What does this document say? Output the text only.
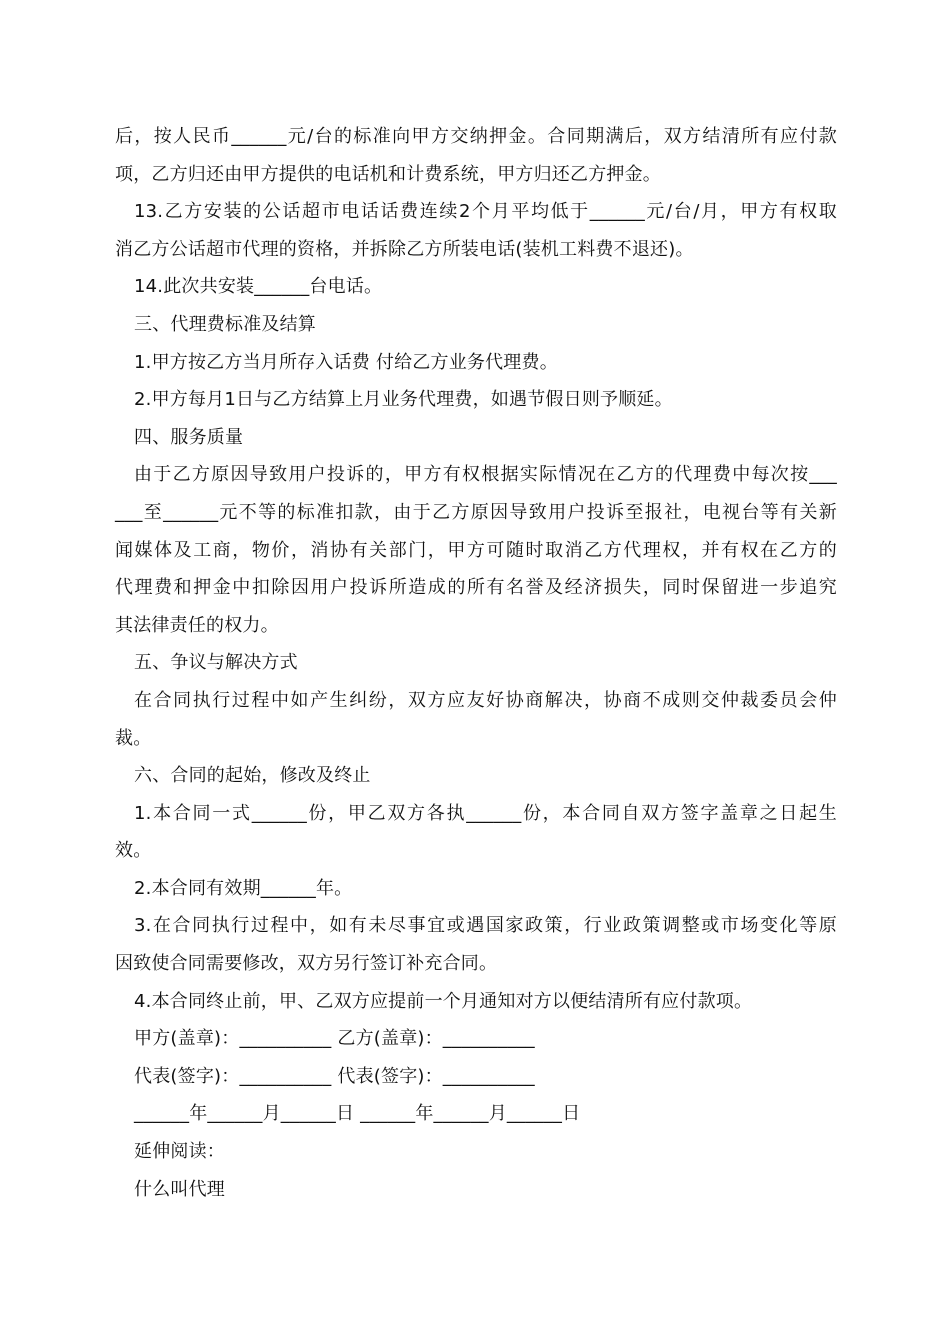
后，按人民币______元/台的标准向甲方交纳押金。合同期满后，双方结清所有应付款
项，乙方归还由甲方提供的电话机和计费系统，甲方归还乙方押金。
13.乙方安装的公话超市电话话费连续2个月平均低于______元/台/月，甲方有权取
消乙方公话超市代理的资格，并拆除乙方所装电话(装机工料费不退还)。
14.此次共安装______台电话。
三、代理费标准及结算
1.甲方按乙方当月所存入话费 付给乙方业务代理费。
2.甲方每月1日与乙方结算上月业务代理费，如遇节假日则予顺延。
四、服务质量
由于乙方原因导致用户投诉的，甲方有权根据实际情况在乙方的代理费中每次按___
___至______元不等的标准扣款，由于乙方原因导致用户投诉至报社，电视台等有关新
闻媒体及工商，物价，消协有关部门，甲方可随时取消乙方代理权，并有权在乙方的
代理费和押金中扣除因用户投诉所造成的所有名誉及经济损失，同时保留进一步追究
其法律责任的权力。
五、争议与解决方式
在合同执行过程中如产生纠纷，双方应友好协商解决，协商不成则交仲裁委员会仲
裁。
六、合同的起始，修改及终止
1.本合同一式______份，甲乙双方各执______份，本合同自双方签字盖章之日起生
效。
2.本合同有效期______年。
3.在合同执行过程中，如有未尽事宜或遇国家政策，行业政策调整或市场变化等原
因致使合同需要修改，双方另行签订补充合同。
4.本合同终止前，甲、乙双方应提前一个月通知对方以便结清所有应付款项。
甲方(盖章)：__________ 乙方(盖章)：__________
代表(签字)：__________ 代表(签字)：__________
______年______月______日 ______年______月______日
延伸阅读：
什么叫代理
